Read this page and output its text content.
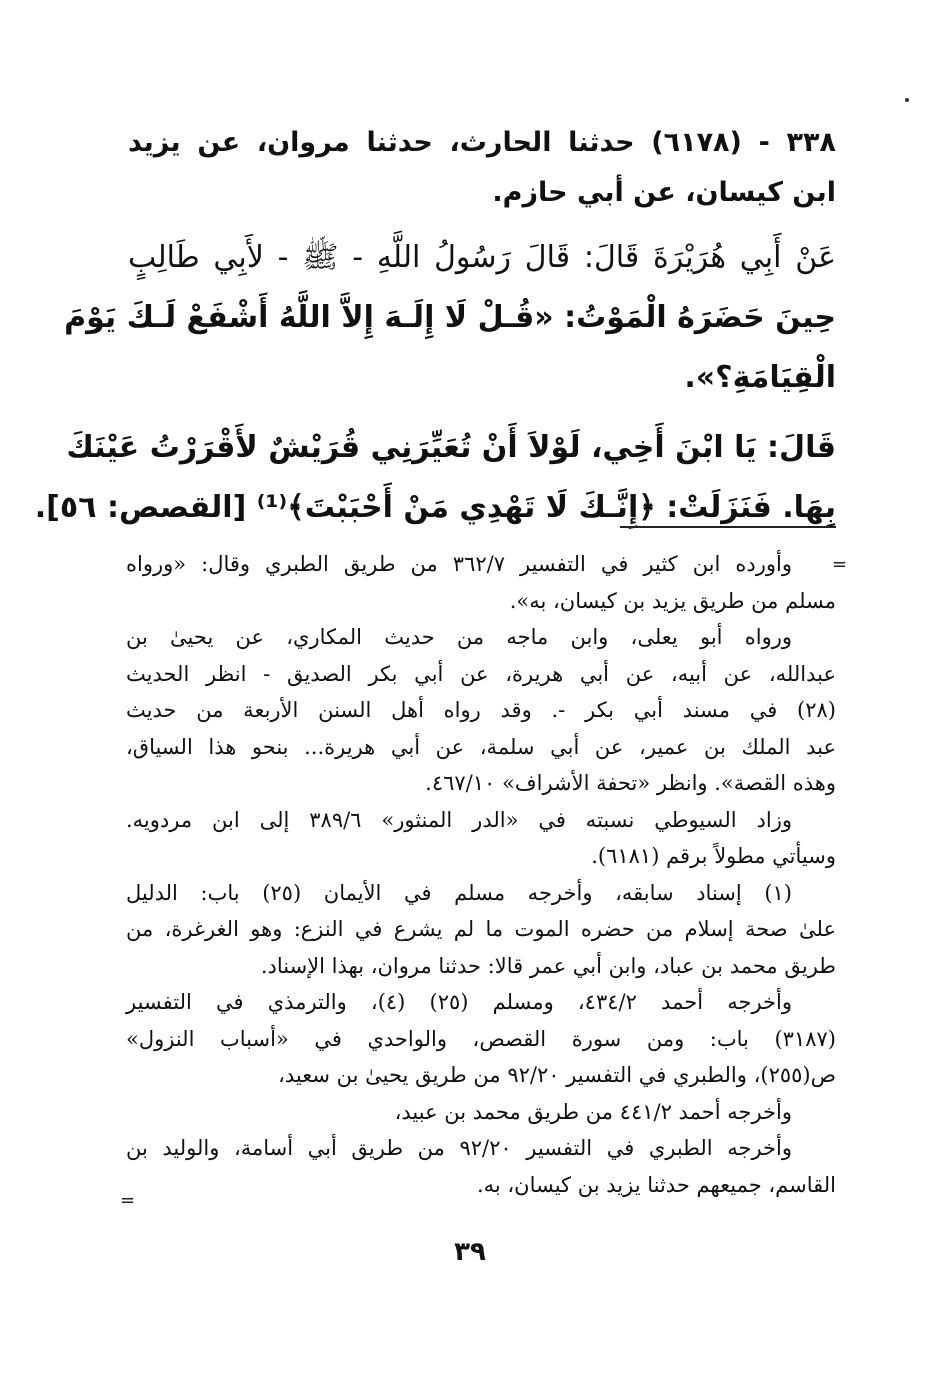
٣٣٨ - (٦١٧٨) حدثنا الحارث، حدثنا مروان، عن يزيد
ابن كيسان، عن أبي حازم.
عَنْ أَبِي هُرَيْرَةَ قَالَ: قَالَ رَسُولُ اللَّهِ - ﷺ - لأَبِي طَالِبٍ
حِينَ حَضَرَهُ الْمَوْتُ: «قُـلْ لَا إِلَـهَ إِلاَّ اللَّهُ أَشْفَعْ لَـكَ يَوْمَ
الْقِيَامَةِ؟».
قَالَ: يَا ابْنَ أَخِي، لَوْلاَ أَنْ تُعَيِّرَنِي قُرَيْشٌ لأَقْرَرْتُ عَيْنَكَ
بِهَا. فَنَزَلَتْ: ﴿إِنَّـكَ لَا تَهْدِي مَنْ أَحْبَبْتَ﴾⁽¹⁾ [القصص: ٥٦].
=
وأورده ابن كثير في التفسير ٣٦٢/٧ من طريق الطبري وقال: «ورواه
مسلم من طريق يزيد بن كيسان، به».
ورواه أبو يعلى، وابن ماجه من حديث المكاري، عن يحيىٰ بن
عبدالله، عن أبيه، عن أبي هريرة، عن أبي بكر الصديق - انظر الحديث
(٢٨) في مسند أبي بكر -. وقد رواه أهل السنن الأربعة من حديث
عبد الملك بن عمير، عن أبي سلمة، عن أبي هريرة... بنحو هذا السياق،
وهذه القصة». وانظر «تحفة الأشراف» ٤٦٧/١٠.
وزاد السيوطي نسبته في «الدر المنثور» ٣٨٩/٦ إلى ابن مردويه.
وسيأتي مطولاً برقم (٦١٨١).
(١) إسناد سابقه، وأخرجه مسلم في الأيمان (٢٥) باب: الدليل
علىٰ صحة إسلام من حضره الموت ما لم يشرع في النزع: وهو الغرغرة، من
طريق محمد بن عباد، وابن أبي عمر قالا: حدثنا مروان، بهذا الإسناد.
وأخرجه أحمد ٤٣٤/٢، ومسلم (٢٥) (٤)، والترمذي في التفسير
(٣١٨٧) باب: ومن سورة القصص، والواحدي في «أسباب النزول»
ص(٢٥٥)، والطبري في التفسير ٩٢/٢٠ من طريق يحيىٰ بن سعيد،
وأخرجه أحمد ٤٤١/٢ من طريق محمد بن عبيد،
وأخرجه الطبري في التفسير ٩٢/٢٠ من طريق أبي أسامة، والوليد بن
القاسم، جميعهم حدثنا يزيد بن كيسان، به.
=
٣٩
